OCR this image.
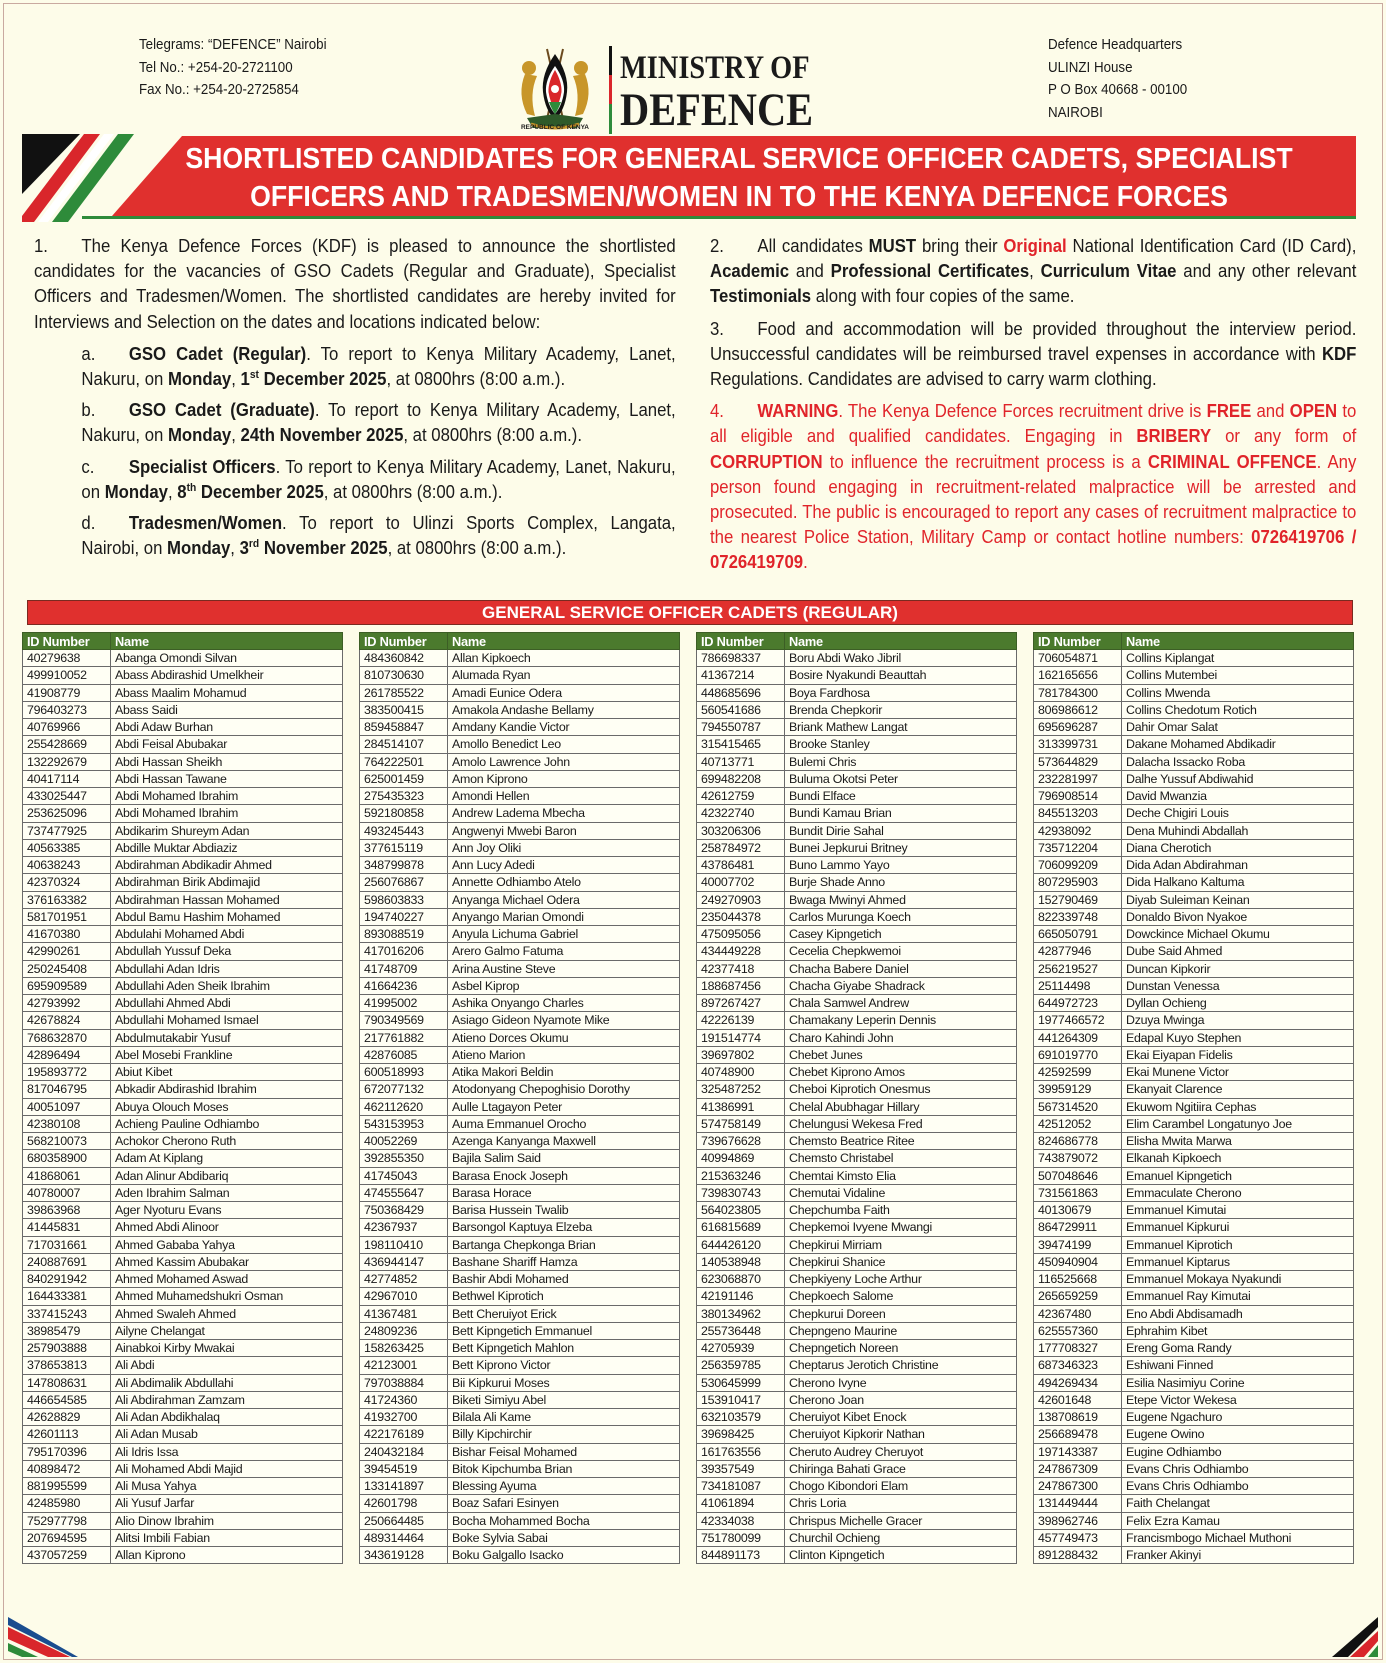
Telegrams: “DEFENCE” Nairobi
Tel No.: +254-20-2721100
Fax No.: +254-20-2725854
REPUBLIC OF KENYA
MINISTRY OF
DEFENCE
Defence Headquarters
ULINZI House
P O Box 40668 - 00100
NAIROBI
SHORTLISTED CANDIDATES FOR GENERAL SERVICE OFFICER CADETS, SPECIALIST
OFFICERS AND TRADESMEN/WOMEN IN TO THE KENYA DEFENCE FORCES
1. The Kenya Defence Forces (KDF) is pleased to announce the shortlisted candidates for the vacancies of GSO Cadets (Regular and Graduate), Specialist Officers and Tradesmen/Women. The shortlisted candidates are hereby invited for Interviews and Selection on the dates and locations indicated below:
a. GSO Cadet (Regular). To report to Kenya Military Academy, Lanet, Nakuru, on Monday, 1st December 2025, at 0800hrs (8:00 a.m.).
b. GSO Cadet (Graduate). To report to Kenya Military Academy, Lanet, Nakuru, on Monday, 24th November 2025, at 0800hrs (8:00 a.m.).
c. Specialist Officers. To report to Kenya Military Academy, Lanet, Nakuru, on Monday, 8th December 2025, at 0800hrs (8:00 a.m.).
d. Tradesmen/Women. To report to Ulinzi Sports Complex, Langata, Nairobi, on Monday, 3rd November 2025, at 0800hrs (8:00 a.m.).
2. All candidates MUST bring their Original National Identification Card (ID Card), Academic and Professional Certificates, Curriculum Vitae and any other relevant Testimonials along with four copies of the same.
3. Food and accommodation will be provided throughout the interview period. Unsuccessful candidates will be reimbursed travel expenses in accordance with KDF Regulations. Candidates are advised to carry warm clothing.
4. WARNING. The Kenya Defence Forces recruitment drive is FREE and OPEN to all eligible and qualified candidates. Engaging in BRIBERY or any form of CORRUPTION to influence the recruitment process is a CRIMINAL OFFENCE. Any person found engaging in recruitment-related malpractice will be arrested and prosecuted. The public is encouraged to report any cases of recruitment malpractice to the nearest Police Station, Military Camp or contact hotline numbers: 0726419706 / 0726419709.
GENERAL SERVICE OFFICER CADETS (REGULAR)
ID Number	Name
40279638	Abanga Omondi Silvan
499910052	Abass Abdirashid Umelkheir
41908779	Abass Maalim Mohamud
796403273	Abass Saidi
40769966	Abdi Adaw Burhan
255428669	Abdi Feisal Abubakar
132292679	Abdi Hassan Sheikh
40417114	Abdi Hassan Tawane
433025447	Abdi Mohamed Ibrahim
253625096	Abdi Mohamed Ibrahim
737477925	Abdikarim Shureym Adan
40563385	Abdille Muktar Abdiaziz
40638243	Abdirahman Abdikadir Ahmed
42370324	Abdirahman Birik Abdimajid
376163382	Abdirahman Hassan Mohamed
581701951	Abdul Bamu Hashim Mohamed
41670380	Abdulahi Mohamed Abdi
42990261	Abdullah Yussuf Deka
250245408	Abdullahi Adan Idris
695909589	Abdullahi Aden Sheik Ibrahim
42793992	Abdullahi Ahmed Abdi
42678824	Abdullahi Mohamed Ismael
768632870	Abdulmutakabir Yusuf
42896494	Abel Mosebi Frankline
195893772	Abiut Kibet
817046795	Abkadir Abdirashid Ibrahim
40051097	Abuya Olouch Moses
42380108	Achieng Pauline Odhiambo
568210073	Achokor Cherono Ruth
680358900	Adam At Kiplang
41868061	Adan Alinur Abdibariq
40780007	Aden Ibrahim Salman
39863968	Ager Nyoturu Evans
41445831	Ahmed Abdi Alinoor
717031661	Ahmed Gababa Yahya
240887691	Ahmed Kassim Abubakar
840291942	Ahmed Mohamed Aswad
164433381	Ahmed Muhamedshukri Osman
337415243	Ahmed Swaleh Ahmed
38985479	Ailyne Chelangat
257903888	Ainabkoi Kirby Mwakai
378653813	Ali Abdi
147808631	Ali Abdimalik Abdullahi
446654585	Ali Abdirahman Zamzam
42628829	Ali Adan Abdikhalaq
42601113	Ali Adan Musab
795170396	Ali Idris Issa
40898472	Ali Mohamed Abdi Majid
881995599	Ali Musa Yahya
42485980	Ali Yusuf Jarfar
752977798	Alio Dinow Ibrahim
207694595	Alitsi Imbili Fabian
437057259	Allan Kiprono
ID Number	Name
484360842	Allan Kipkoech
810730630	Alumada Ryan
261785522	Amadi Eunice Odera
383500415	Amakola Andashe Bellamy
859458847	Amdany Kandie Victor
284514107	Amollo Benedict Leo
764222501	Amolo Lawrence John
625001459	Amon Kiprono
275435323	Amondi Hellen
592180858	Andrew Ladema Mbecha
493245443	Angwenyi Mwebi Baron
377615119	Ann Joy Oliki
348799878	Ann Lucy Adedi
256076867	Annette Odhiambo Atelo
598603833	Anyanga Michael Odera
194740227	Anyango Marian Omondi
893088519	Anyula Lichuma Gabriel
417016206	Arero Galmo Fatuma
41748709	Arina Austine Steve
41664236	Asbel Kiprop
41995002	Ashika Onyango Charles
790349569	Asiago Gideon Nyamote Mike
217761882	Atieno Dorces Okumu
42876085	Atieno Marion
600518993	Atika Makori Beldin
672077132	Atodonyang Chepoghisio Dorothy
462112620	Aulle Ltagayon Peter
543153953	Auma Emmanuel Orocho
40052269	Azenga Kanyanga Maxwell
392855350	Bajila Salim Said
41745043	Barasa Enock Joseph
474555647	Barasa Horace
750368429	Barisa Hussein Twalib
42367937	Barsongol Kaptuya Elzeba
198110410	Bartanga Chepkonga Brian
436944147	Bashane Shariff Hamza
42774852	Bashir Abdi Mohamed
42967010	Bethwel Kiprotich
41367481	Bett Cheruiyot Erick
24809236	Bett Kipngetich Emmanuel
158263425	Bett Kipngetich Mahlon
42123001	Bett Kiprono Victor
797038884	Bii Kipkurui Moses
41724360	Biketi Simiyu Abel
41932700	Bilala Ali Kame
422176189	Billy Kipchirchir
240432184	Bishar Feisal Mohamed
39454519	Bitok Kipchumba Brian
133141897	Blessing Ayuma
42601798	Boaz Safari Esinyen
250664485	Bocha Mohammed Bocha
489314464	Boke Sylvia Sabai
343619128	Boku Galgallo Isacko
ID Number	Name
786698337	Boru Abdi Wako Jibril
41367214	Bosire Nyakundi Beauttah
448685696	Boya Fardhosa
560541686	Brenda Chepkorir
794550787	Briank Mathew Langat
315415465	Brooke Stanley
40713771	Bulemi Chris
699482208	Buluma Okotsi Peter
42612759	Bundi Elface
42322740	Bundi Kamau Brian
303206306	Bundit Dirie Sahal
258784972	Bunei Jepkurui Britney
43786481	Buno Lammo Yayo
40007702	Burje Shade Anno
249270903	Bwaga Mwinyi Ahmed
235044378	Carlos Murunga Koech
475095056	Casey Kipngetich
434449228	Cecelia Chepkwemoi
42377418	Chacha Babere Daniel
188687456	Chacha Giyabe Shadrack
897267427	Chala Samwel Andrew
42226139	Chamakany Leperin Dennis
191514774	Charo Kahindi John
39697802	Chebet Junes
40748900	Chebet Kiprono Amos
325487252	Cheboi Kiprotich Onesmus
41386991	Chelal Abubhagar Hillary
574758149	Chelungusi Wekesa Fred
739676628	Chemsto Beatrice Ritee
40994869	Chemsto Christabel
215363246	Chemtai Kimsto Elia
739830743	Chemutai Vidaline
564023805	Chepchumba Faith
616815689	Chepkemoi Ivyene Mwangi
644426120	Chepkirui Mirriam
140538948	Chepkirui Shanice
623068870	Chepkiyeny Loche Arthur
42191146	Chepkoech Salome
380134962	Chepkurui Doreen
255736448	Chepngeno Maurine
42705939	Chepngetich Noreen
256359785	Cheptarus Jerotich Christine
530645999	Cherono Ivyne
153910417	Cherono Joan
632103579	Cheruiyot Kibet Enock
39698425	Cheruiyot Kipkorir Nathan
161763556	Cheruto Audrey Cheruyot
39357549	Chiringa Bahati Grace
734181087	Chogo Kibondori Elam
41061894	Chris Loria
42334038	Chrispus Michelle Gracer
751780099	Churchil Ochieng
844891173	Clinton Kipngetich
ID Number	Name
706054871	Collins Kiplangat
162165656	Collins Mutembei
781784300	Collins Mwenda
806986612	Collins Chedotum Rotich
695696287	Dahir Omar Salat
313399731	Dakane Mohamed Abdikadir
573644829	Dalacha Issacko Roba
232281997	Dalhe Yussuf Abdiwahid
796908514	David Mwanzia
845513203	Deche Chigiri Louis
42938092	Dena Muhindi Abdallah
735712204	Diana Cherotich
706099209	Dida Adan Abdirahman
807295903	Dida Halkano Kaltuma
152790469	Diyab Suleiman Keinan
822339748	Donaldo Bivon Nyakoe
665050791	Dowckince Michael Okumu
42877946	Dube Said Ahmed
256219527	Duncan Kipkorir
25114498	Dunstan Venessa
644972723	Dyllan Ochieng
1977466572	Dzuya Mwinga
441264309	Edapal Kuyo Stephen
691019770	Ekai Eiyapan Fidelis
42592599	Ekai Munene Victor
39959129	Ekanyait Clarence
567314520	Ekuwom Ngitiira Cephas
42512052	Elim Carambel Longatunyo Joe
824686778	Elisha Mwita Marwa
743879072	Elkanah Kipkoech
507048646	Emanuel Kipngetich
731561863	Emmaculate Cherono
40130679	Emmanuel Kimutai
864729911	Emmanuel Kipkurui
39474199	Emmanuel Kiprotich
450940904	Emmanuel Kiptarus
116525668	Emmanuel Mokaya Nyakundi
265659259	Emmanuel Ray Kimutai
42367480	Eno Abdi Abdisamadh
625557360	Ephrahim Kibet
177708327	Ereng Goma Randy
687346323	Eshiwani Finned
494269434	Esilia Nasimiyu Corine
42601648	Etepe Victor Wekesa
138708619	Eugene Ngachuro
256689478	Eugene Owino
197143387	Eugine Odhiambo
247867309	Evans Chris Odhiambo
247867300	Evans Chris Odhiambo
131449444	Faith Chelangat
398962746	Felix Ezra Kamau
457749473	Francismbogo Michael Muthoni
891288432	Franker Akinyi
